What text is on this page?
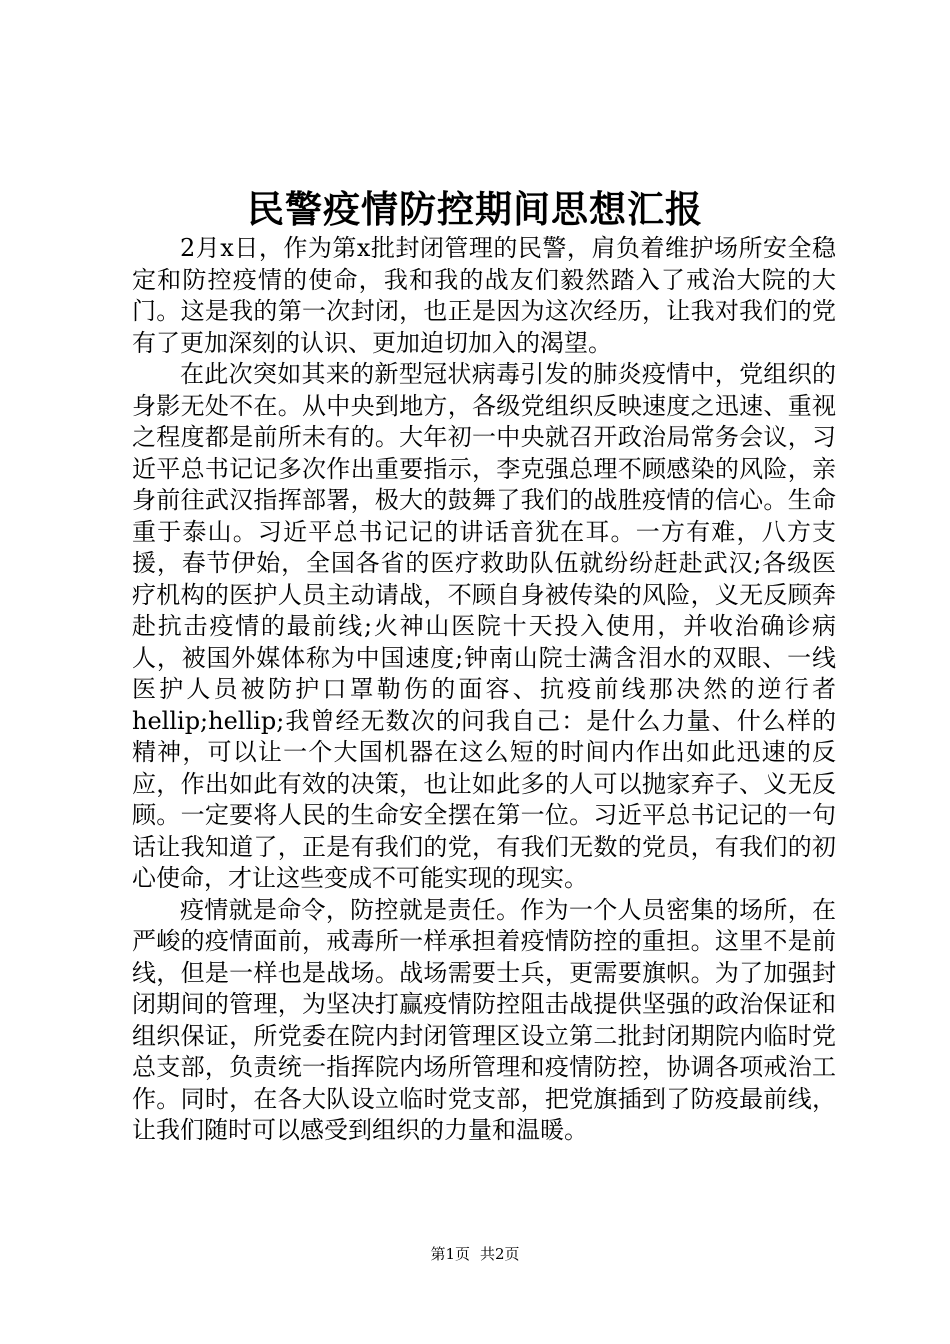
民警疫情防控期间思想汇报

2月x日，作为第x批封闭管理的民警，肩负着维护场所安全稳定和防控疫情的使命，我和我的战友们毅然踏入了戒治大院的大门。这是我的第一次封闭，也正是因为这次经历，让我对我们的党有了更加深刻的认识、更加迫切加入的渴望。

在此次突如其来的新型冠状病毒引发的肺炎疫情中，党组织的身影无处不在。从中央到地方，各级党组织反映速度之迅速、重视之程度都是前所未有的。大年初一中央就召开政治局常务会议，习近平总书记记多次作出重要指示，李克强总理不顾感染的风险，亲身前往武汉指挥部署，极大的鼓舞了我们的战胜疫情的信心。生命重于泰山。习近平总书记记的讲话音犹在耳。一方有难，八方支援，春节伊始，全国各省的医疗救助队伍就纷纷赶赴武汉;各级医疗机构的医护人员主动请战，不顾自身被传染的风险，义无反顾奔赴抗击疫情的最前线;火神山医院十天投入使用，并收治确诊病人，被国外媒体称为中国速度;钟南山院士满含泪水的双眼、一线医护人员被防护口罩勒伤的面容、抗疫前线那决然的逆行者hellip;hellip;我曾经无数次的问我自己：是什么力量、什么样的精神，可以让一个大国机器在这么短的时间内作出如此迅速的反应，作出如此有效的决策，也让如此多的人可以抛家弃子、义无反顾。一定要将人民的生命安全摆在第一位。习近平总书记记的一句话让我知道了，正是有我们的党，有我们无数的党员，有我们的初心使命，才让这些变成不可能实现的现实。

疫情就是命令，防控就是责任。作为一个人员密集的场所，在严峻的疫情面前，戒毒所一样承担着疫情防控的重担。这里不是前线，但是一样也是战场。战场需要士兵，更需要旗帜。为了加强封闭期间的管理，为坚决打赢疫情防控阻击战提供坚强的政治保证和组织保证，所党委在院内封闭管理区设立第二批封闭期院内临时党总支部，负责统一指挥院内场所管理和疫情防控，协调各项戒治工作。同时，在各大队设立临时党支部，把党旗插到了防疫最前线，让我们随时可以感受到组织的力量和温暖。

第1页 共2页
